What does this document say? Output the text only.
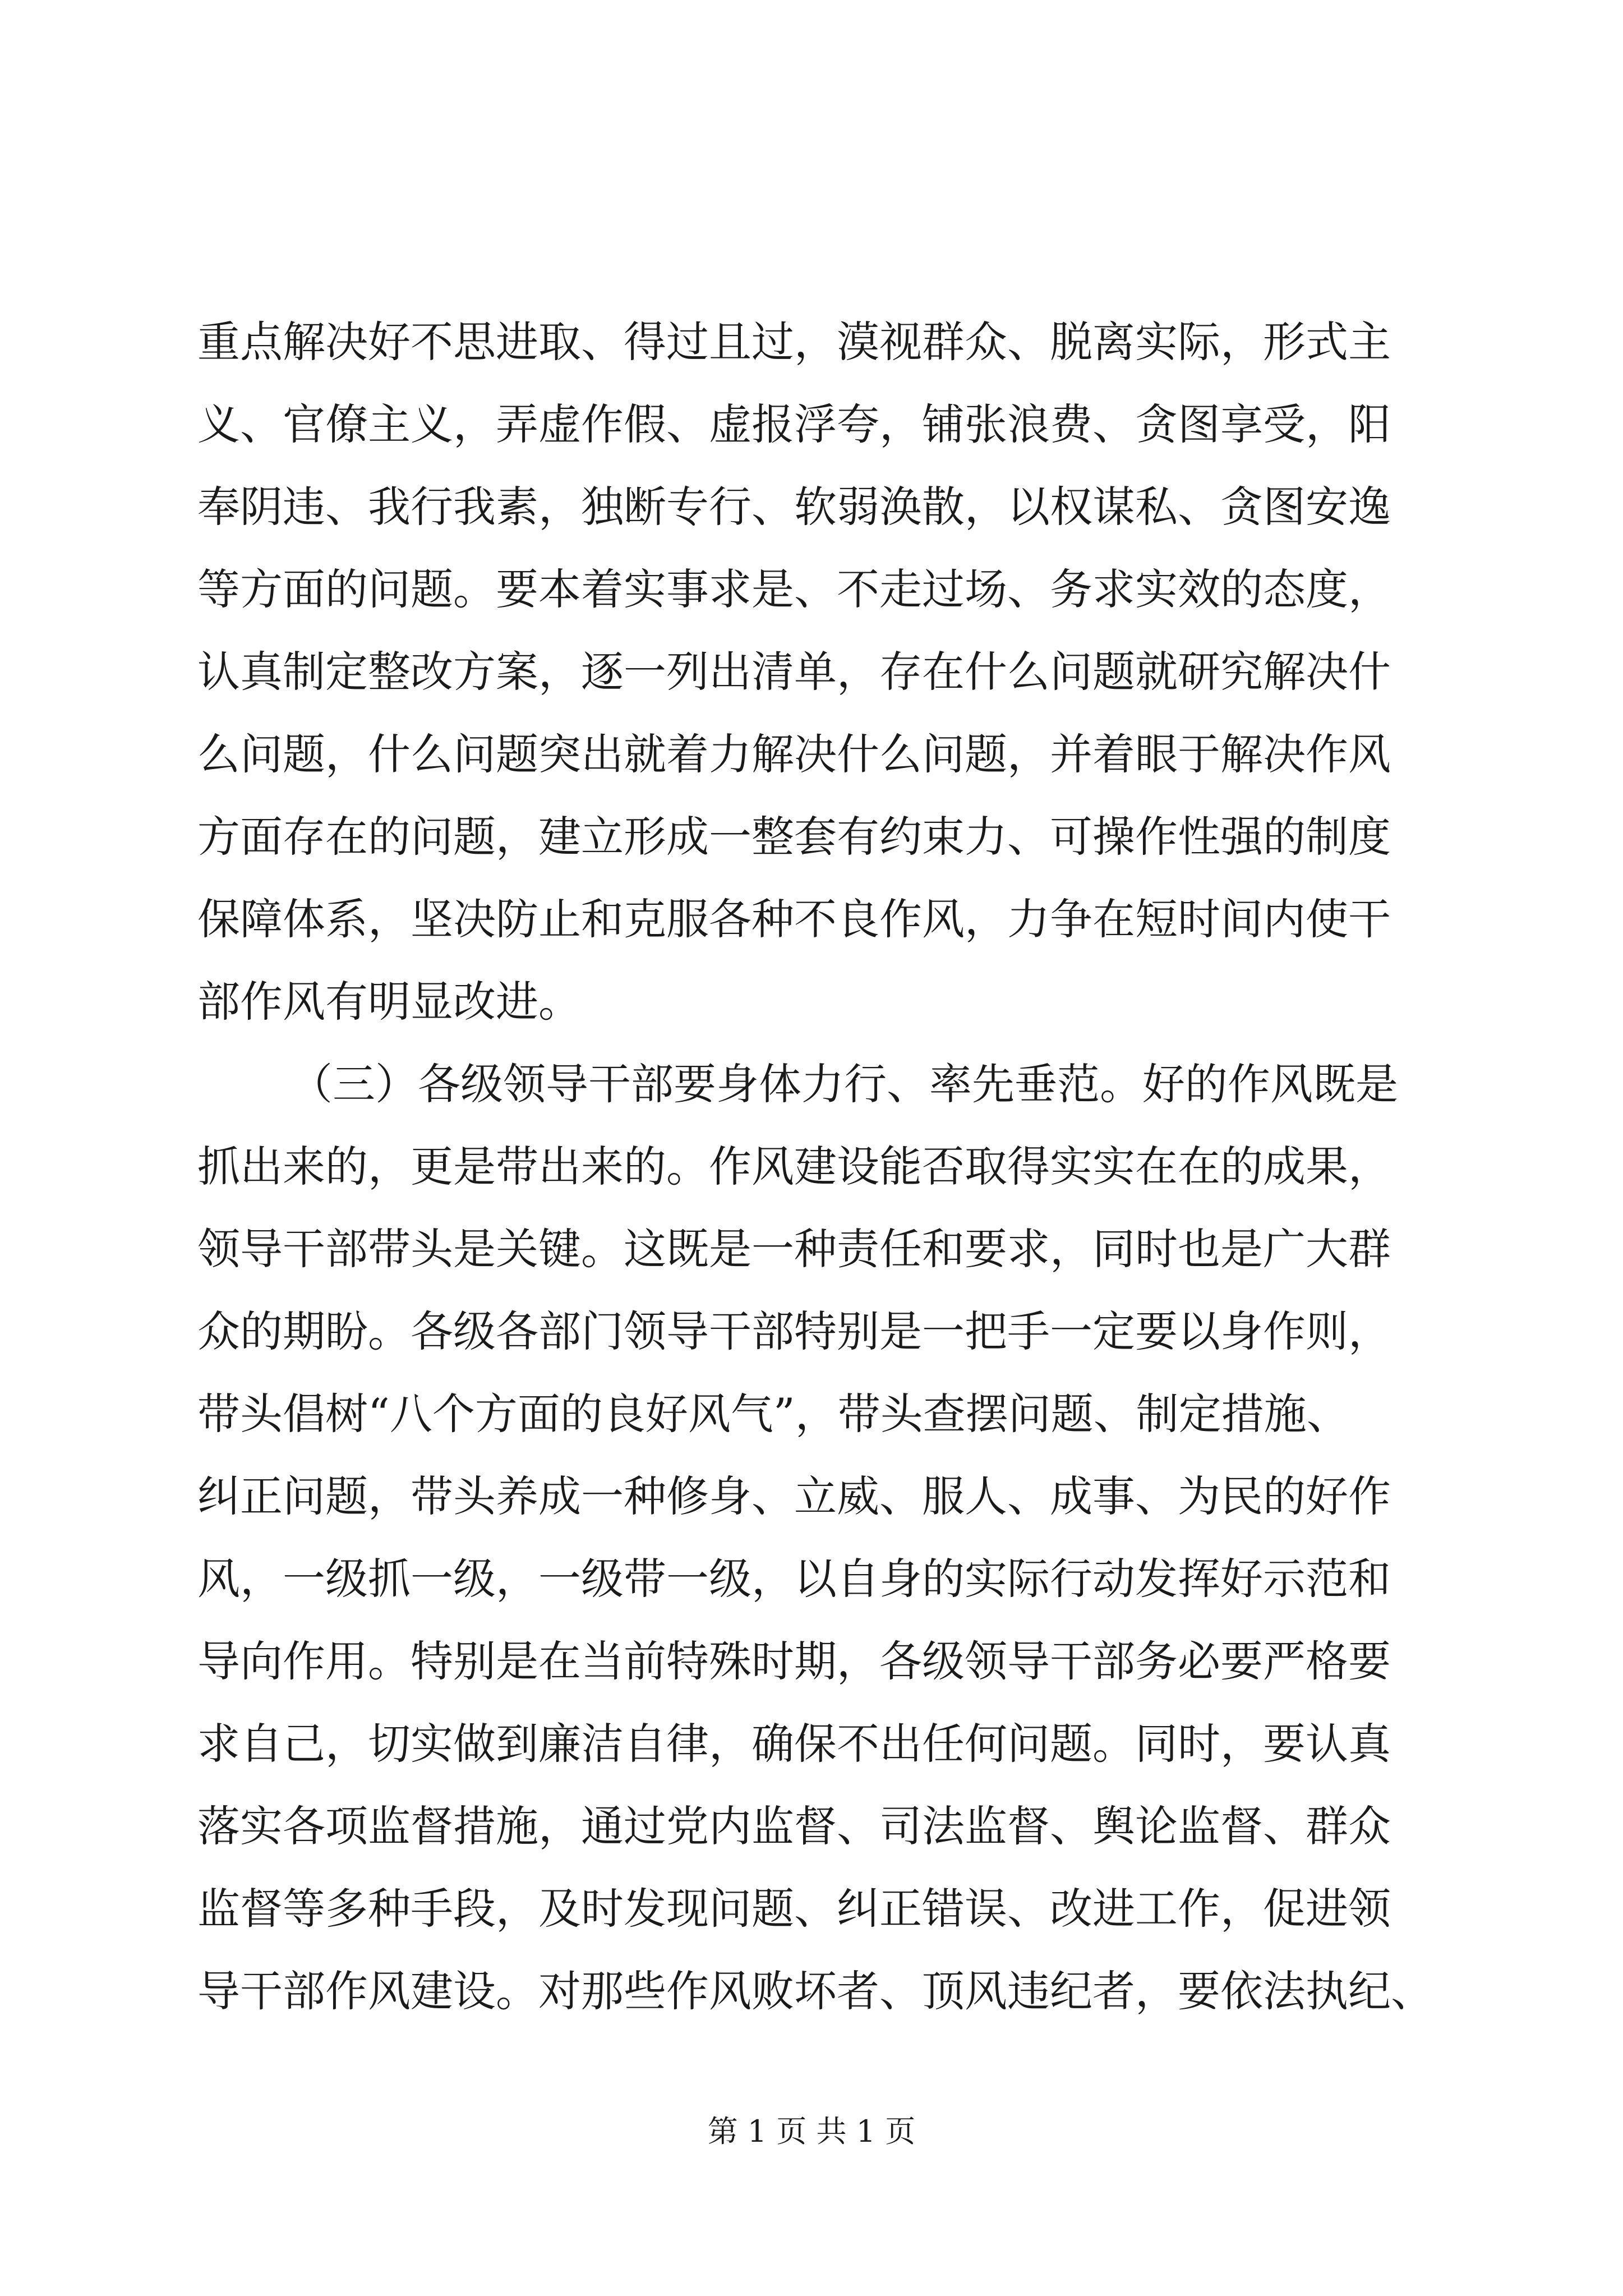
重点解决好不思进取、得过且过，漠视群众、脱离实际，形式主
义、官僚主义，弄虚作假、虚报浮夸，铺张浪费、贪图享受，阳
奉阴违、我行我素，独断专行、软弱涣散，以权谋私、贪图安逸
等方面的问题。要本着实事求是、不走过场、务求实效的态度，
认真制定整改方案，逐一列出清单，存在什么问题就研究解决什
么问题，什么问题突出就着力解决什么问题，并着眼于解决作风
方面存在的问题，建立形成一整套有约束力、可操作性强的制度
保障体系，坚决防止和克服各种不良作风，力争在短时间内使干
部作风有明显改进。
（三）各级领导干部要身体力行、率先垂范。好的作风既是
抓出来的，更是带出来的。作风建设能否取得实实在在的成果，
领导干部带头是关键。这既是一种责任和要求，同时也是广大群
众的期盼。各级各部门领导干部特别是一把手一定要以身作则，
带头倡树“八个方面的良好风气”，带头查摆问题、制定措施、
纠正问题，带头养成一种修身、立威、服人、成事、为民的好作
风，一级抓一级，一级带一级，以自身的实际行动发挥好示范和
导向作用。特别是在当前特殊时期，各级领导干部务必要严格要
求自己，切实做到廉洁自律，确保不出任何问题。同时，要认真
落实各项监督措施，通过党内监督、司法监督、舆论监督、群众
监督等多种手段，及时发现问题、纠正错误、改进工作，促进领
导干部作风建设。对那些作风败坏者、顶风违纪者，要依法执纪、
第 1 页 共 1 页
